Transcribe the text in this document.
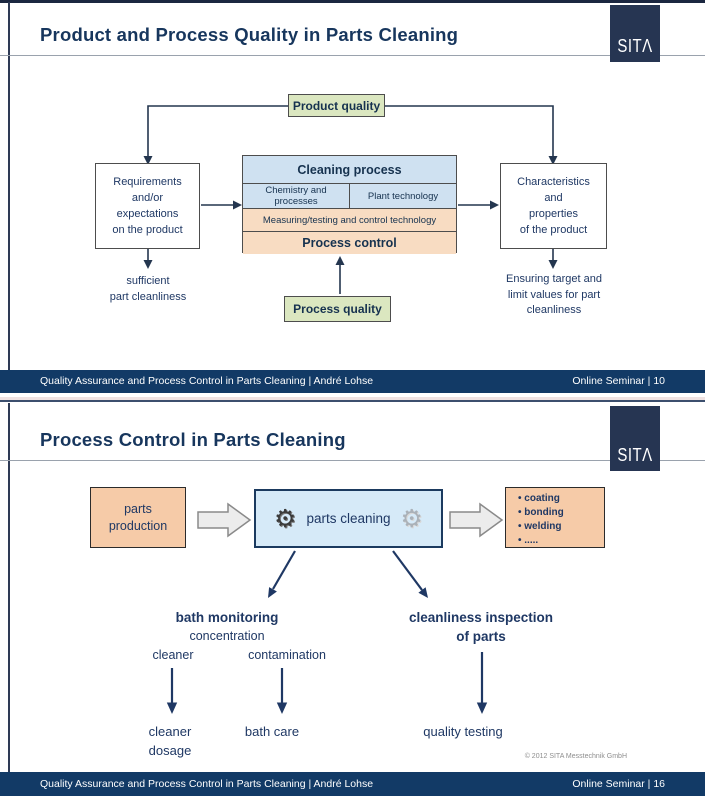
Product and Process Quality in Parts Cleaning
SITΛ
Product quality
Requirements
and/or
expectations
on the product
Cleaning process
Chemistry and processes	Plant technology
Measuring/testing and control technology
Process control
Characteristics
and
properties
of the product
sufficient
part cleanliness
Ensuring target and
limit values for part
cleanliness
Process quality
Quality Assurance and Process Control in Parts Cleaning | André Lohse	Online Seminar | 10
Process Control in Parts Cleaning
SITΛ
parts
production	⚙ parts cleaning ⚙
• coating
• bonding
• welding
• .....
bath monitoring
concentration
cleaner	contamination
cleanliness inspection
of parts
cleaner
dosage
bath care	quality testing
© 2012 SITA Messtechnik GmbH
Quality Assurance and Process Control in Parts Cleaning | André Lohse	Online Seminar | 16
